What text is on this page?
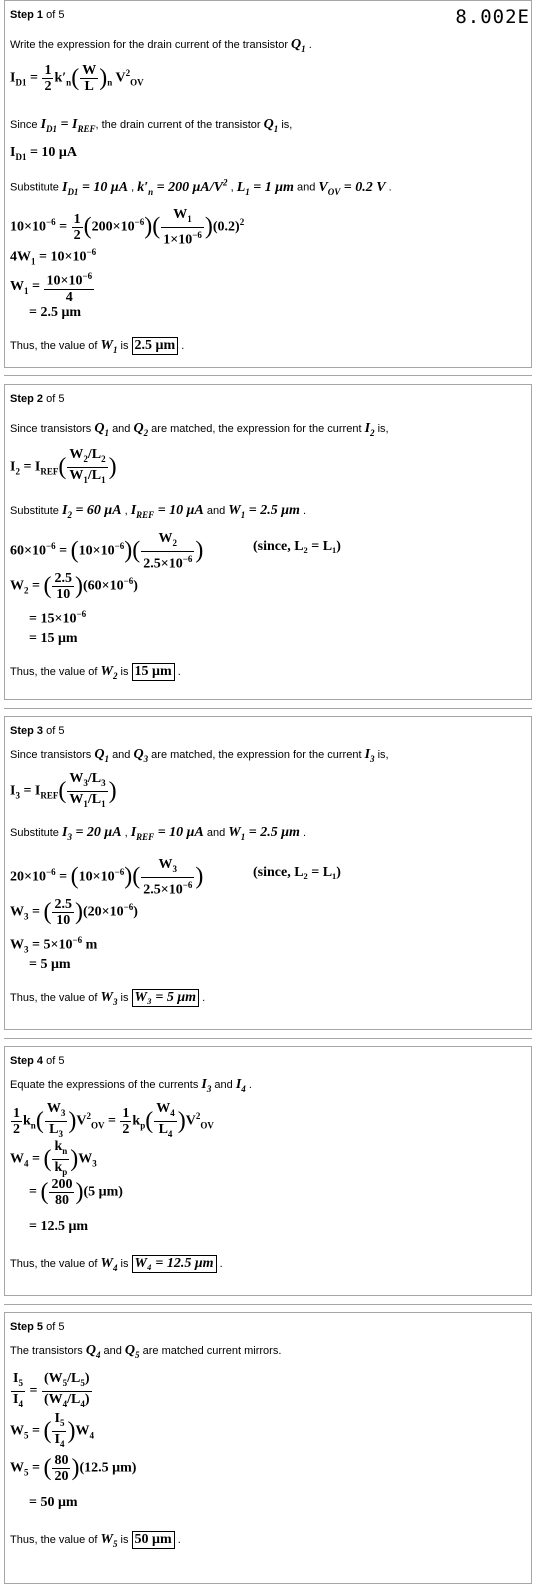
8.002E
Step 1 of 5
Write the expression for the drain current of the transistor $Q_1$ .
$I_{D1} = \frac{1}{2} k'_n( \frac{W}{L} )_n$ $V^2_{OV}$
Since $I_{D1} = I_{REF}$, the drain current of the transistor $Q_1$ is,
$I_{D1} = 10$ μA
Substitute $I_{D1} = 10$ μA , $k'_n = 200$ $\mu A/V^2$ , $L_1 = 1$ μm and $V_{OV} = 0.2$ V .
$10\times 10^{-6} = \frac{1}{2} (200\times 10^{-6})( \frac{W_1}{1\times 10^{-6}} )(0.2)^2$
$4W_1 = 10\times 10^{-6}$
$W_1 = \frac{10\times 10^{-6}}{4}$
= 2.5 μm
Thus, the value of $W_1$ is 2.5 μm .
Step 2 of 5
Since transistors $Q_1$ and $Q_2$ are matched, the expression for the current $I_2$ is,
$I_2 = I_{REF}( \frac{W_2/L_2}{W_1/L_1}$ )
Substitute $I_2 = 60$ μA , $I_{REF} = 10$ μA and $W_1 = 2.5$ μm .
$60\times 10^{-6} = (10\times 10^{-6})( \frac{W_2}{2.5\times 10^{-6}}$ )	(since, L₂ = L₁)
$W_2$ = ( $\frac{2.5}{10} )(60\times 10^{-6})$
= $15\times 10^{-6}$
= 15 μm
Thus, the value of $W_2$ is 15 μm .
Step 3 of 5
Since transistors $Q_1$ and $Q_3$ are matched, the expression for the current $I_3$ is,
$I_3 = I_{REF}( \frac{W_3/L_3}{W_1/L_1}$ )
Substitute $I_3 = 20$ μA , $I_{REF} = 10$ μA and $W_1 = 2.5$ μm .
$20\times 10^{-6} = (10\times 10^{-6})( \frac{W_3}{2.5\times 10^{-6}}$ )	(since, L₂ = L₁)
$W_3$ = ( $\frac{2.5}{10} )(20\times 10^{-6})$
$W_3 = 5\times 10^{-6}$ m
= 5 μm
Thus, the value of $W_3$ is W₃ = 5 μm .
Step 4 of 5
Equate the expressions of the currents $I_3$ and $I_4$ .
$\frac{1}{2} k_n( \frac{W_3}{L_3} )V^2_{OV} = \frac{1}{2} k_p( \frac{W_4}{L_4} )V^2_{OV}$
$W_4$ = ( $\frac{k_n}{k_p} )W_3$
= ( $\frac{200}{80} )(5$ μm)
= 12.5 μm
Thus, the value of $W_4$ is W₄ = 12.5 μm .
Step 5 of 5
The transistors $Q_4$ and $Q_5$ are matched current mirrors.
$\frac{I_5}{I_4} = \frac{(W_5/L_5)}{(W_4/L_4)}$
$W_5$ = ( $\frac{I_5}{I_4} )W_4$
$W_5$ = ( $\frac{80}{20} )(12.5$ μm)
= 50 μm
Thus, the value of $W_5$ is 50 μm .
